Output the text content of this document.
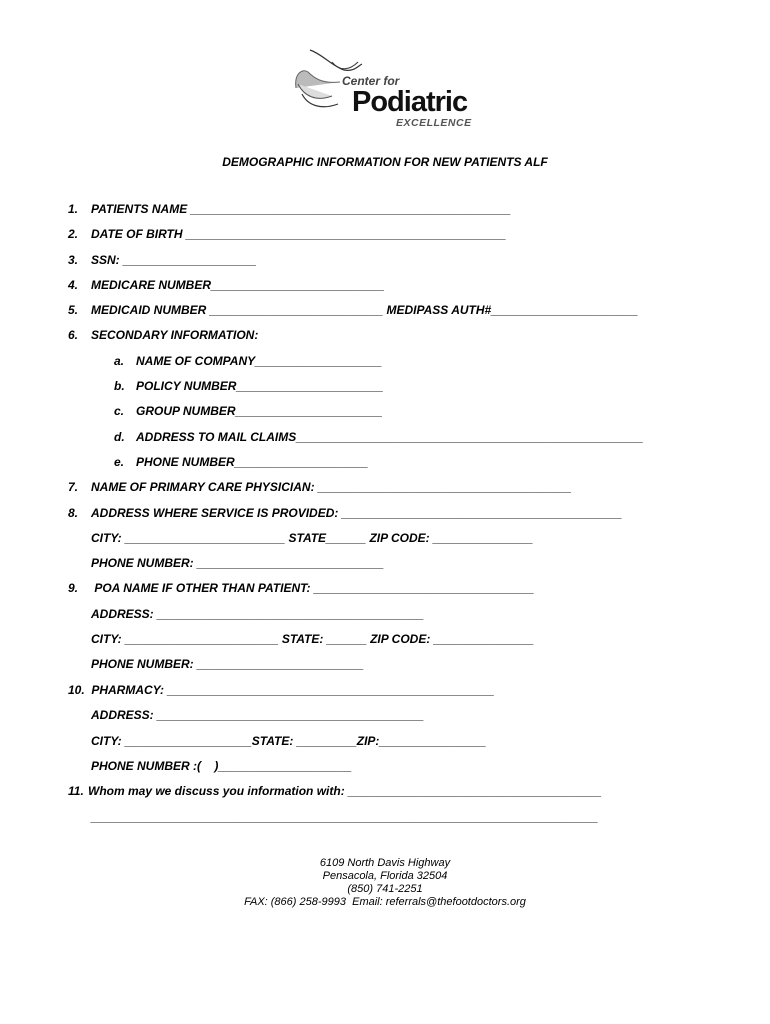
Center for
Podiatric
EXCELLENCE
DEMOGRAPHIC INFORMATION FOR NEW PATIENTS ALF
1. PATIENTS NAME ________________________________________________
2. DATE OF BIRTH ________________________________________________
3. SSN: ____________________
4. MEDICARE NUMBER__________________________
5. MEDICAID NUMBER __________________________ MEDIPASS AUTH#______________________
6. SECONDARY INFORMATION:
a. NAME OF COMPANY___________________
b. POLICY NUMBER______________________
c. GROUP NUMBER______________________
d. ADDRESS TO MAIL CLAIMS____________________________________________________
e. PHONE NUMBER____________________
7. NAME OF PRIMARY CARE PHYSICIAN: ______________________________________
8. ADDRESS WHERE SERVICE IS PROVIDED: __________________________________________
CITY: ________________________ STATE______ ZIP CODE: _______________
PHONE NUMBER: ____________________________
9. POA NAME IF OTHER THAN PATIENT: _________________________________
ADDRESS: ________________________________________
CITY: _______________________ STATE: ______ ZIP CODE: _______________
PHONE NUMBER: _________________________
10. PHARMACY: _________________________________________________
ADDRESS: ________________________________________
CITY: ___________________STATE: _________ZIP:________________
PHONE NUMBER :(    )____________________
11. Whom may we discuss you information with: ______________________________________
____________________________________________________________________________
6109 North Davis Highway
Pensacola, Florida 32504
(850) 741-2251
FAX: (866) 258-9993  Email: referrals@thefootdoctors.org
